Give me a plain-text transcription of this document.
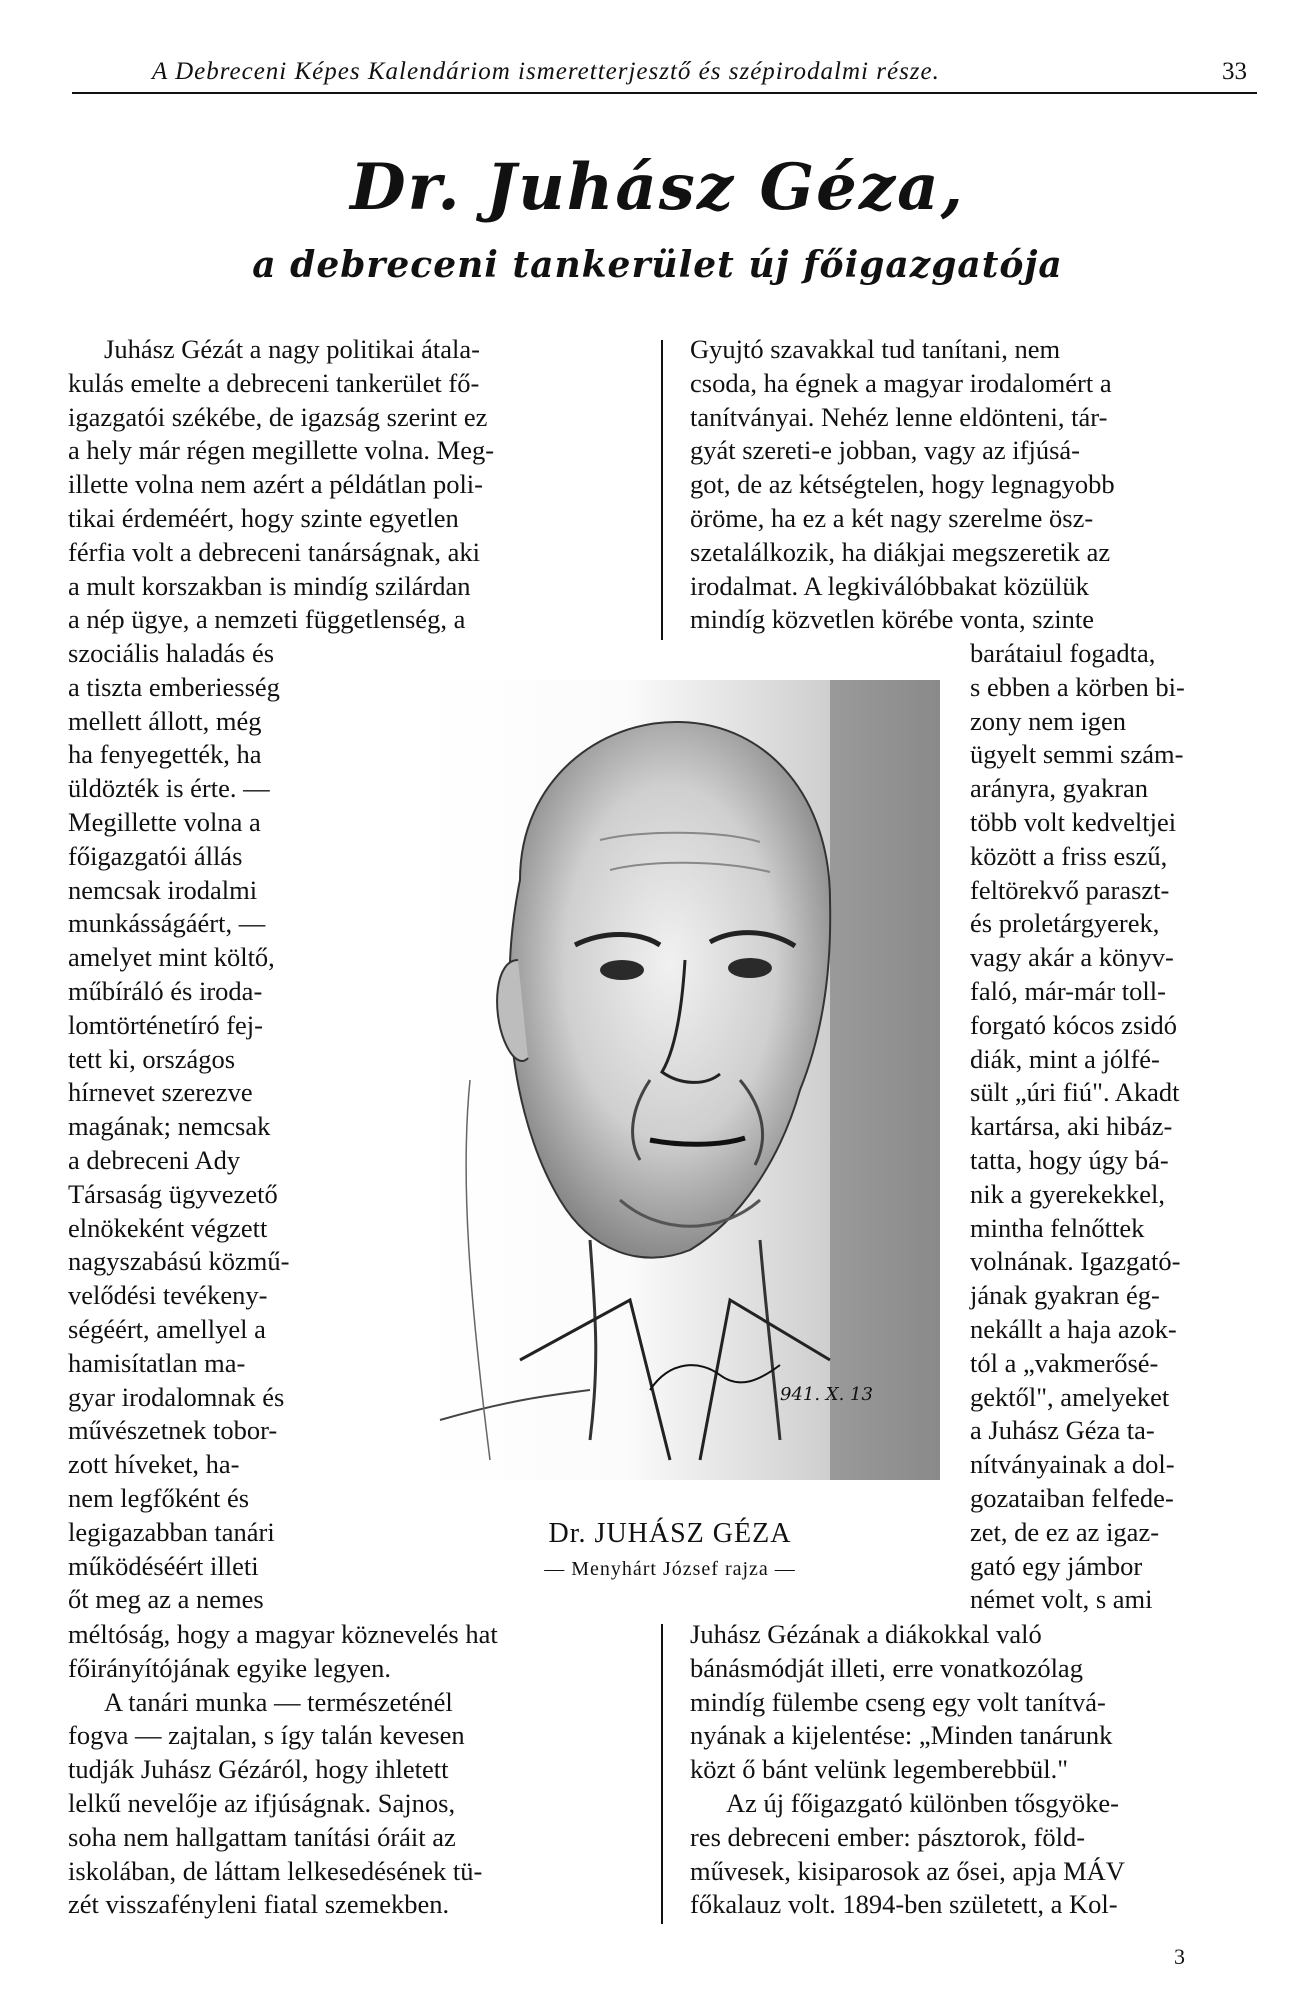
A Debreceni Képes Kalendáriom ismeretterjesztő és szépirodalmi része.	33
Dr. Juhász Géza,
a debreceni tankerület új főigazgatója

Juhász Gézát a nagy politikai átala-
kulás emelte a debreceni tankerület fő-
igazgatói székébe, de igazság szerint ez
a hely már régen megillette volna. Meg-
illette volna nem azért a példátlan poli-
tikai érdeméért, hogy szinte egyetlen
férfia volt a debreceni tanárságnak, aki
a mult korszakban is mindíg szilárdan
a nép ügye, a nemzeti függetlenség, a

szociális haladás és
a tiszta emberiesség
mellett állott, még
ha fenyegették, ha
üldözték is érte. —
Megillette volna a
főigazgatói állás
nemcsak irodalmi
munkásságáért, —
amelyet mint költő,
műbíráló és iroda-
lomtörténetíró fej-
tett ki, országos
hírnevet szerezve
magának; nemcsak
a debreceni Ady
Társaság ügyvezető
elnökeként végzett
nagyszabású közmű-
velődési tevékeny-
ségéért, amellyel a
hamisítatlan ma-
gyar irodalomnak és
művészetnek tobor-
zott híveket, ha-
nem legfőként és
legigazabban tanári
működéséért illeti
őt meg az a nemes

méltóság, hogy a magyar köznevelés hat
főirányítójának egyike legyen.

A tanári munka — természeténél
fogva — zajtalan, s így talán kevesen
tudják Juhász Gézáról, hogy ihletett
lelkű nevelője az ifjúságnak. Sajnos,
soha nem hallgattam tanítási óráit az
iskolában, de láttam lelkesedésének tü-
zét visszafényleni fiatal szemekben.

Gyujtó szavakkal tud tanítani, nem
csoda, ha égnek a magyar irodalomért a
tanítványai. Nehéz lenne eldönteni, tár-
gyát szereti-e jobban, vagy az ifjúsá-
got, de az kétségtelen, hogy legnagyobb
öröme, ha ez a két nagy szerelme ösz-
szetalálkozik, ha diákjai megszeretik az
irodalmat. A legkiválóbbakat közülük
mindíg közvetlen körébe vonta, szinte

barátaiul fogadta,
s ebben a körben bi-
zony nem igen
ügyelt semmi szám-
arányra, gyakran
több volt kedveltjei
között a friss eszű,
feltörekvő paraszt-
és proletárgyerek,
vagy akár a könyv-
faló, már-már toll-
forgató kócos zsidó
diák, mint a jólfé-
sült „úri fiú". Akadt
kartársa, aki hibáz-
tatta, hogy úgy bá-
nik a gyerekekkel,
mintha felnőttek
volnának. Igazgató-
jának gyakran ég-
nekállt a haja azok-
tól a „vakmerősé-
gektől", amelyeket
a Juhász Géza ta-
nítványainak a dol-
gozataiban felfede-
zet, de ez az igaz-
gató egy jámbor
német volt, s ami

Juhász Gézának a diákokkal való
bánásmódját illeti, erre vonatkozólag
mindíg fülembe cseng egy volt tanítvá-
nyának a kijelentése: „Minden tanárunk
közt ő bánt velünk legemberebbül."

Az új főigazgató különben tősgyöke-
res debreceni ember: pásztorok, föld-
művesek, kisiparosok az ősei, apja MÁV
főkalauz volt. 1894-ben született, a Kol-

941. X. 13
Dr. JUHÁSZ GÉZA
— Menyhárt József rajza —
3
